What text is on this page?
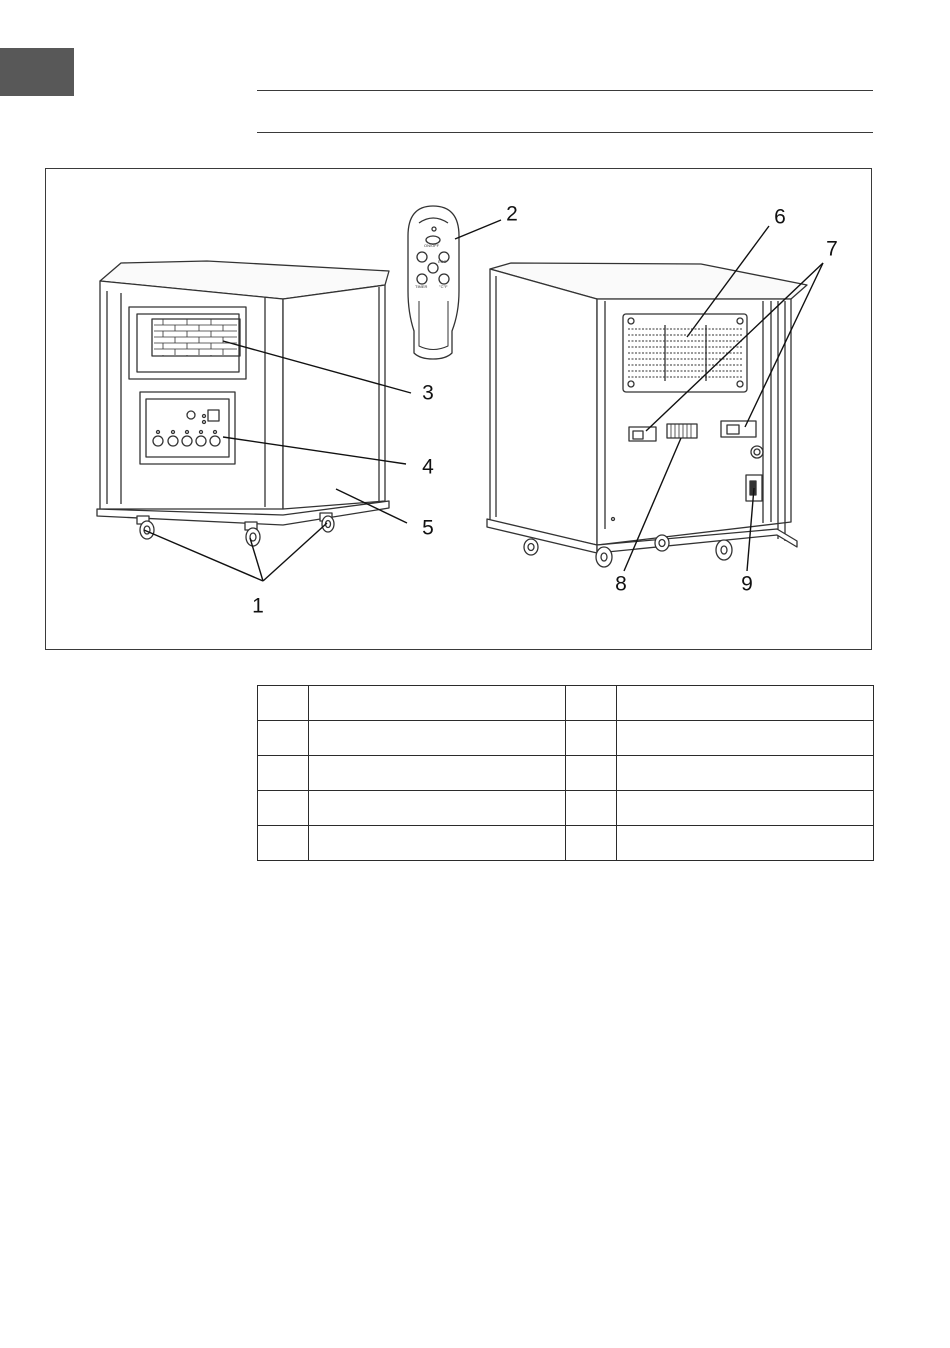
ON/OFF
ECO
TIMER	°C°F
1
2
3
4
5
6
7
8	9
